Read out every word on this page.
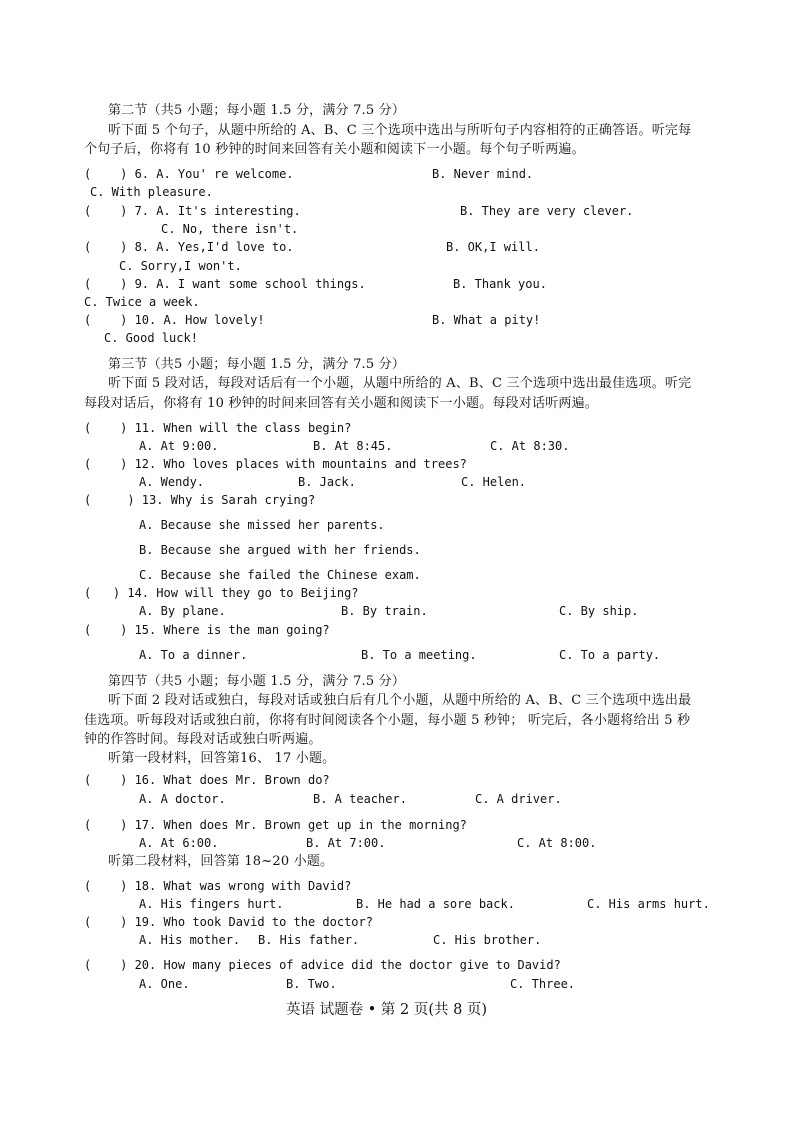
第二节（共5 小题；每小题 1.5 分，满分 7.5 分）
听下面 5 个句子，从题中所给的 A、B、C 三个选项中选出与所听句子内容相符的正确答语。听完每
个句子后，你将有 10 秒钟的时间来回答有关小题和阅读下一小题。每个句子听两遍。
(    ) 6. A. You' re welcome.	B. Never mind.
C. With pleasure.
(    ) 7. A. It's interesting.	B. They are very clever.
C. No, there isn't.
(    ) 8. A. Yes,I'd love to.	B. OK,I will.
C. Sorry,I won't.
(    ) 9. A. I want some school things.	B. Thank you.
C. Twice a week.
(    ) 10. A. How lovely!	B. What a pity!
C. Good luck!
第三节（共5 小题；每小题 1.5 分，满分 7.5 分）
听下面 5 段对话，每段对话后有一个小题，从题中所给的 A、B、C 三个选项中选出最佳选项。听完
每段对话后，你将有 10 秒钟的时间来回答有关小题和阅读下一小题。每段对话听两遍。
(    ) 11. When will the class begin?
A. At 9:00.	B. At 8:45.	C. At 8:30.
(    ) 12. Who loves places with mountains and trees?
A. Wendy.	B. Jack.	C. Helen.
(     ) 13. Why is Sarah crying?
A. Because she missed her parents.
B. Because she argued with her friends.
C. Because she failed the Chinese exam.
(   ) 14. How will they go to Beijing?
A. By plane.	B. By train.	C. By ship.
(    ) 15. Where is the man going?
A. To a dinner.	B. To a meeting.	C. To a party.
第四节（共5 小题；每小题 1.5 分，满分 7.5 分）
听下面 2 段对话或独白，每段对话或独白后有几个小题，从题中所给的 A、B、C 三个选项中选出最
佳选项。听每段对话或独白前，你将有时间阅读各个小题，每小题 5 秒钟； 听完后，各小题将给出 5 秒
钟的作答时间。每段对话或独白听两遍。
听第一段材料，回答第16、 17 小题。
(    ) 16. What does Mr. Brown do?
A. A doctor.	B. A teacher.	C. A driver.
(    ) 17. When does Mr. Brown get up in the morning?
A. At 6:00.	B. At 7:00.	C. At 8:00.
听第二段材料，回答第 18~20 小题。
(    ) 18. What was wrong with David?
A. His fingers hurt.	B. He had a sore back.	C. His arms hurt.
(    ) 19. Who took David to the doctor?
A. His mother. B. His father.	C. His brother.
(    ) 20. How many pieces of advice did the doctor give to David?
A. One.	B. Two.	C. Three.
英语 试题卷 • 第 2 页(共 8 页)
